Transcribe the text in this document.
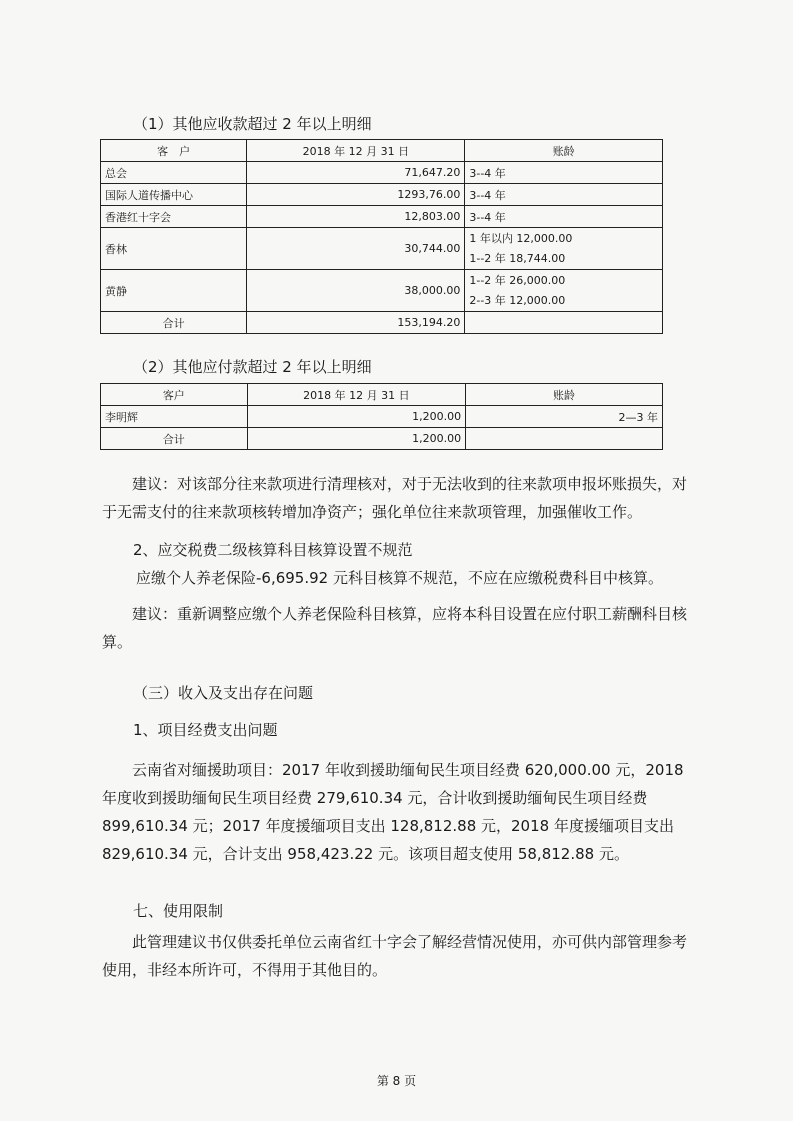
（1）其他应收款超过 2 年以上明细
客　户	2018 年 12 月 31 日	账龄
总会	71,647.20	3--4 年
国际人道传播中心	1293,76.00	3--4 年
香港红十字会	12,803.00	3--4 年
香林	30,744.00	1 年以内 12,000.00
1--2 年 18,744.00

黄静	38,000.00	1--2 年 26,000.00
2--3 年 12,000.00

合计	153,194.20	
（2）其他应付款超过 2 年以上明细
客户	2018 年 12 月 31 日	账龄
李明辉	1,200.00	2—3 年
合计	1,200.00	

建议：对该部分往来款项进行清理核对，对于无法收到的往来款项申报坏账损失，对于无需支付的往来款项核转增加净资产；强化单位往来款项管理，加强催收工作。

2、应交税费二级核算科目核算设置不规范

应缴个人养老保险-6,695.92 元科目核算不规范，不应在应缴税费科目中核算。

建议：重新调整应缴个人养老保险科目核算，应将本科目设置在应付职工薪酬科目核算。

（三）收入及支出存在问题

1、项目经费支出问题

云南省对缅援助项目：2017 年收到援助缅甸民生项目经费 620,000.00 元，2018 年度收到援助缅甸民生项目经费 279,610.34 元，合计收到援助缅甸民生项目经费 899,610.34 元；2017 年度援缅项目支出 128,812.88 元，2018 年度援缅项目支出 829,610.34 元，合计支出 958,423.22 元。该项目超支使用 58,812.88 元。

七、使用限制

此管理建议书仅供委托单位云南省红十字会了解经营情况使用，亦可供内部管理参考使用，非经本所许可，不得用于其他目的。

第 8 页
